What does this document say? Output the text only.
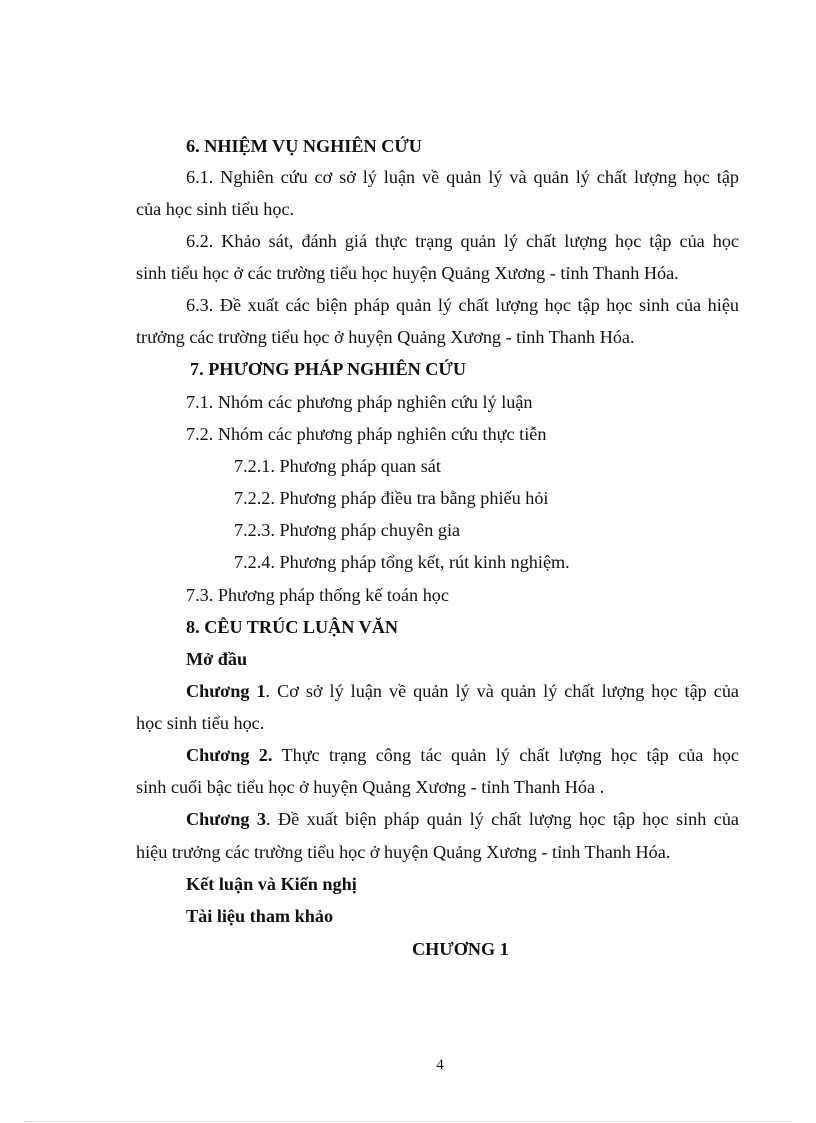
6. NHIỆM VỤ NGHIÊN CỨU
6.1. Nghiên cứu cơ sở lý luận về quản lý và quản lý chất lượng học tập
của học sinh tiểu học.
6.2. Khảo sát, đánh giá thực trạng quản lý chất lượng học tập của học
sinh tiểu học ở các trường tiểu học huyện Quảng Xương - tỉnh Thanh Hóa.
6.3. Đề xuất các biện pháp quản lý chất lượng học tập học sinh của hiệu
trưởng các trường tiểu học ở huyện Quảng Xương - tỉnh Thanh Hóa.
7. PHƯƠNG PHÁP NGHIÊN CỨU
7.1. Nhóm các phương pháp nghiên cứu lý luận
7.2. Nhóm các phương pháp nghiên cứu thực tiễn
7.2.1. Phương pháp quan sát
7.2.2. Phương pháp điều tra bằng phiếu hỏi
7.2.3. Phương pháp chuyên gia
7.2.4. Phương pháp tổng kết, rút kinh nghiệm.
7.3. Phương pháp thống kế toán học
8. CÊU TRÚC LUẬN VĂN
Mở đầu
Chương 1. Cơ sở lý luận về quản lý và quản lý chất lượng học tập của
học sinh tiểu học.
Chương 2. Thực trạng công tác quản lý chất lượng học tập của học
sinh cuối bậc tiểu học ở huyện Quảng Xương - tỉnh Thanh Hóa .
Chương 3. Đề xuất biện pháp quản lý chất lượng học tập học sinh của
hiệu trưởng các trường tiểu học ở huyện Quảng Xương - tỉnh Thanh Hóa.
Kết luận và Kiến nghị
Tài liệu tham khảo
CHƯƠNG 1
4
